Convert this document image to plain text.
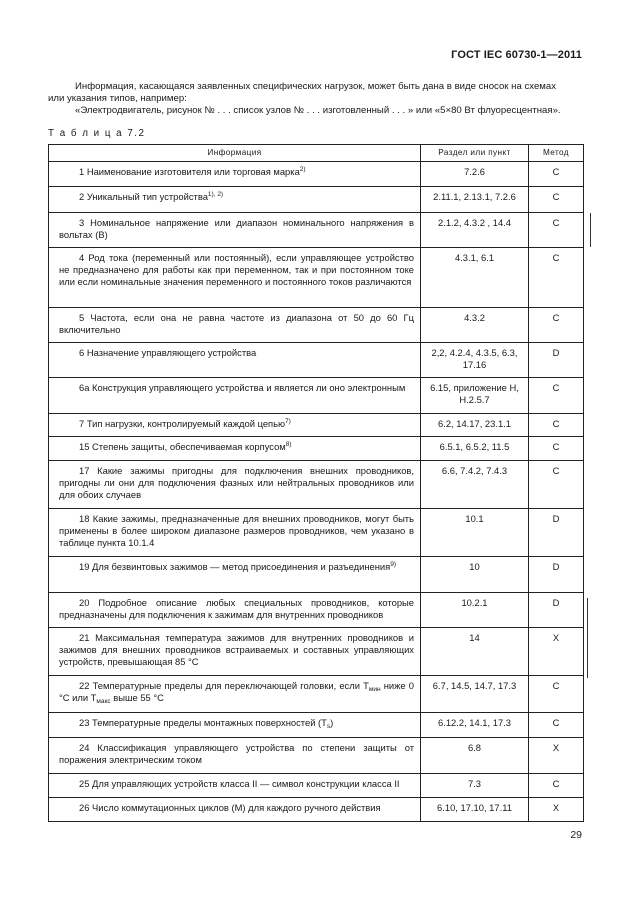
ГОСТ IEC 60730-1—2011

Информация, касающаяся заявленных специфических нагрузок, может быть дана в виде сносок на схемах

или указания типов, например:

«Электродвигатель, рисунок № . . . список узлов № . . . изготовленный . . . » или «5×80 Вт флуоресцентная».

Т а б л и ц а 7.2
Информация	Раздел или пункт	Метод

1 Наименование изготовителя или торговая марка$^{2)}$	7.2.6	C

2 Уникальный тип устройства$^{1), 2)}$	2.11.1, 2.13.1, 7.2.6	C

3 Номинальное напряжение или диапазон номинального напряжения в вольтах (В)	2.1.2, 4.3.2 , 14.4	C

4 Род тока (переменный или постоянный), если управляющее устройство не предназначено для работы как при переменном, так и при постоянном токе или если номинальные значения переменного и постоянного токов различаются	4.3.1, 6.1	C

5 Частота, если она не равна частоте из диапазона от 50 до 60 Гц включительно	4.3.2	C

6 Назначение управляющего устройства	2,2, 4.2.4, 4.3.5, 6.3, 17.16	D

6а Конструкция управляющего устройства и является ли оно электронным	6.15, приложение H, H.2.5.7	C

7 Тип нагрузки, контролируемый каждой цепью$^{7)}$	6.2, 14.17, 23.1.1	C

15 Степень защиты, обеспечиваемая корпусом$^{8)}$	6.5.1, 6.5.2, 11.5	C

17 Какие зажимы пригодны для подключения внешних проводников, пригодны ли они для подключения фазных или нейтральных проводников или для обоих случаев	6.6, 7.4.2, 7.4.3	C

18 Какие зажимы, предназначенные для внешних проводников, могут быть применены в более широком диапазоне размеров проводников, чем указано в таблице пункта 10.1.4	10.1	D

19 Для безвинтовых зажимов — метод присоединения и разъединения$^{9)}$	10	D

20 Подробное описание любых специальных проводников, которые предназначены для подключения к зажимам для внутренних проводников	10.2.1	D

21 Максимальная температура зажимов для внутренних проводников и зажимов для внешних проводников встраиваемых и составных управляющих устройств, превышающая 85 °C	14	X

22 Температурные пределы для переключающей головки, если $T_{мин}$ ниже 0 °C или $T_{макс}$ выше 55 °C	6.7, 14.5, 14.7, 17.3	C

23 Температурные пределы монтажных поверхностей $(T_s)$	6.12.2, 14.1, 17.3	C

24 Классификация управляющего устройства по степени защиты от поражения электрическим током	6.8	X

25 Для управляющих устройств класса II — символ конструкции класса II	7.3	C

26 Число коммутационных циклов (M) для каждого ручного действия	6.10, 17.10, 17.11	X
29
